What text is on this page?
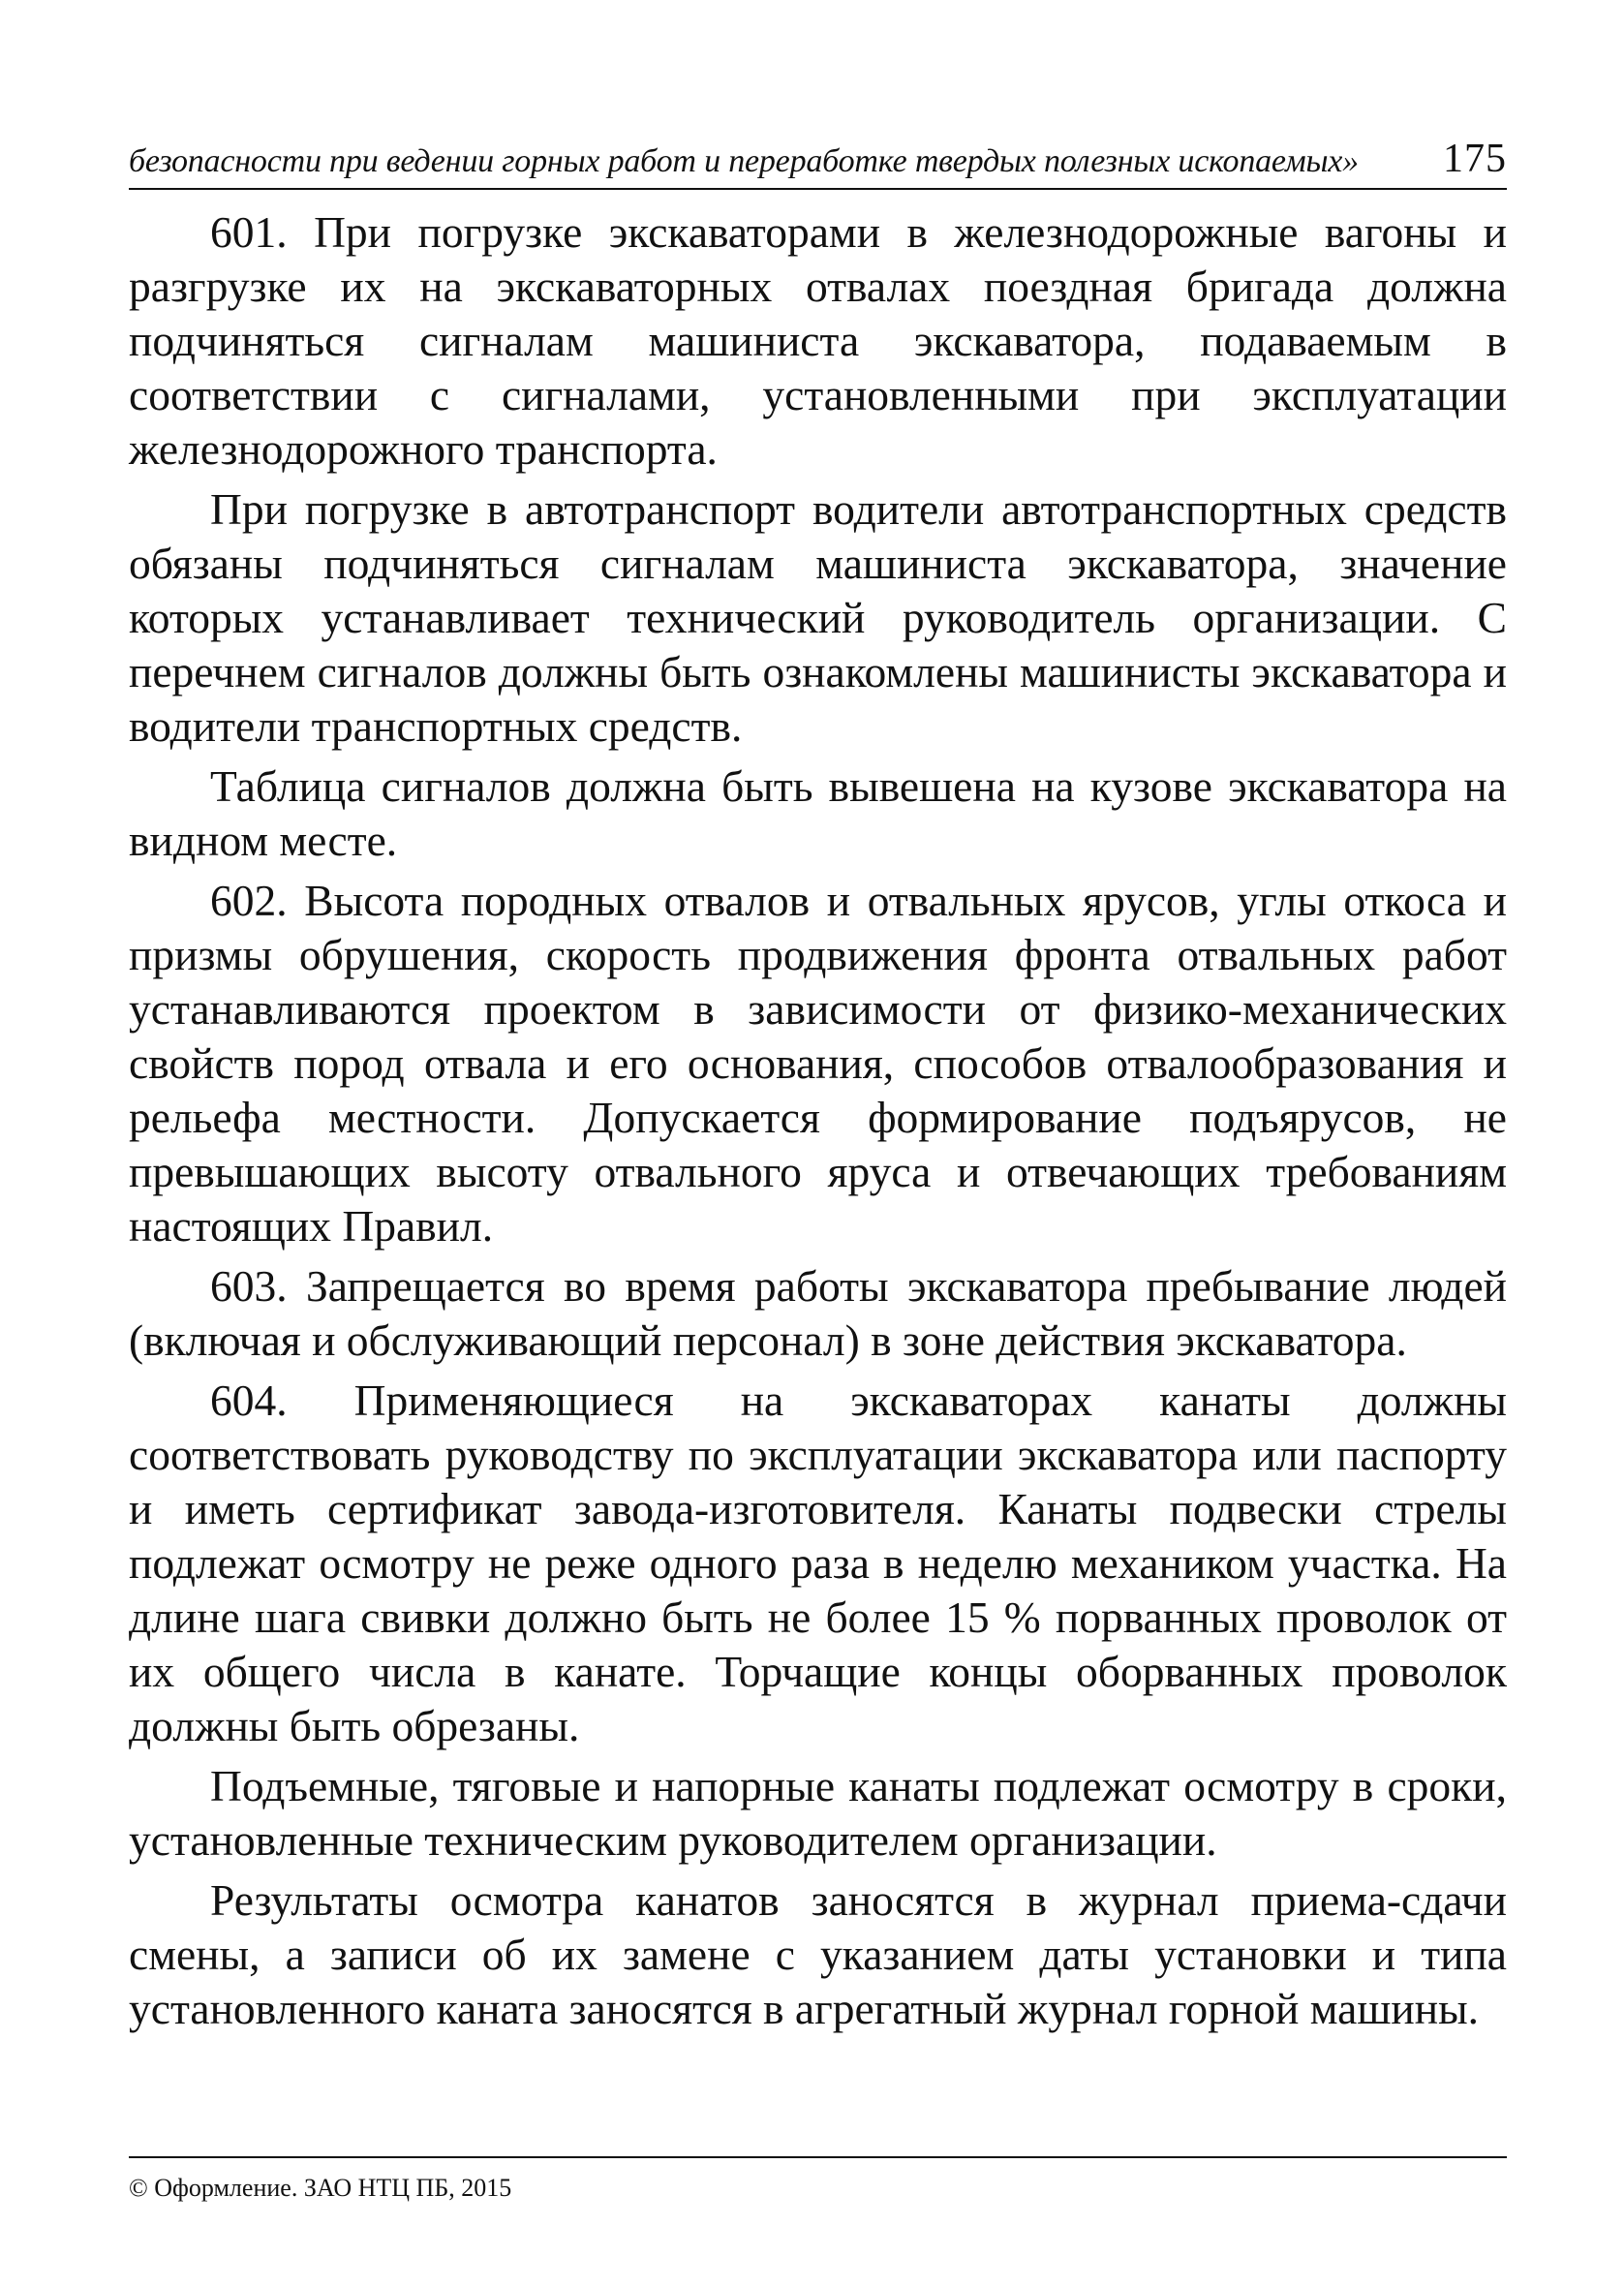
безопасности при ведении горных работ и переработке твердых полезных ископаемых» 175

601. При погрузке экскаваторами в железнодорожные вагоны и разгрузке их на экскаваторных отвалах поездная бригада должна подчиняться сигналам машиниста экскаватора, подаваемым в соответствии с сигналами, установленными при эксплуатации железнодорожного транспорта.

При погрузке в автотранспорт водители автотранспортных средств обязаны подчиняться сигналам машиниста экскаватора, значение которых устанавливает технический руководитель организации. С перечнем сигналов должны быть ознакомлены машинисты экскаватора и водители транспортных средств.

Таблица сигналов должна быть вывешена на кузове экскаватора на видном месте.

602. Высота породных отвалов и отвальных ярусов, углы откоса и призмы обрушения, скорость продвижения фронта отвальных работ устанавливаются проектом в зависимости от физико-механических свойств пород отвала и его основания, способов отвалообразования и рельефа местности. Допускается формирование подъярусов, не превышающих высоту отвального яруса и отвечающих требованиям настоящих Правил.

603. Запрещается во время работы экскаватора пребывание людей (включая и обслуживающий персонал) в зоне действия экскаватора.

604. Применяющиеся на экскаваторах канаты должны соответствовать руководству по эксплуатации экскаватора или паспорту и иметь сертификат завода-изготовителя. Канаты подвески стрелы подлежат осмотру не реже одного раза в неделю механиком участка. На длине шага свивки должно быть не более 15 % порванных проволок от их общего числа в канате. Торчащие концы оборванных проволок должны быть обрезаны.

Подъемные, тяговые и напорные канаты подлежат осмотру в сроки, установленные техническим руководителем организации.

Результаты осмотра канатов заносятся в журнал приема-сдачи смены, а записи об их замене с указанием даты установки и типа установленного каната заносятся в агрегатный журнал горной машины.

© Оформление. ЗАО НТЦ ПБ, 2015
